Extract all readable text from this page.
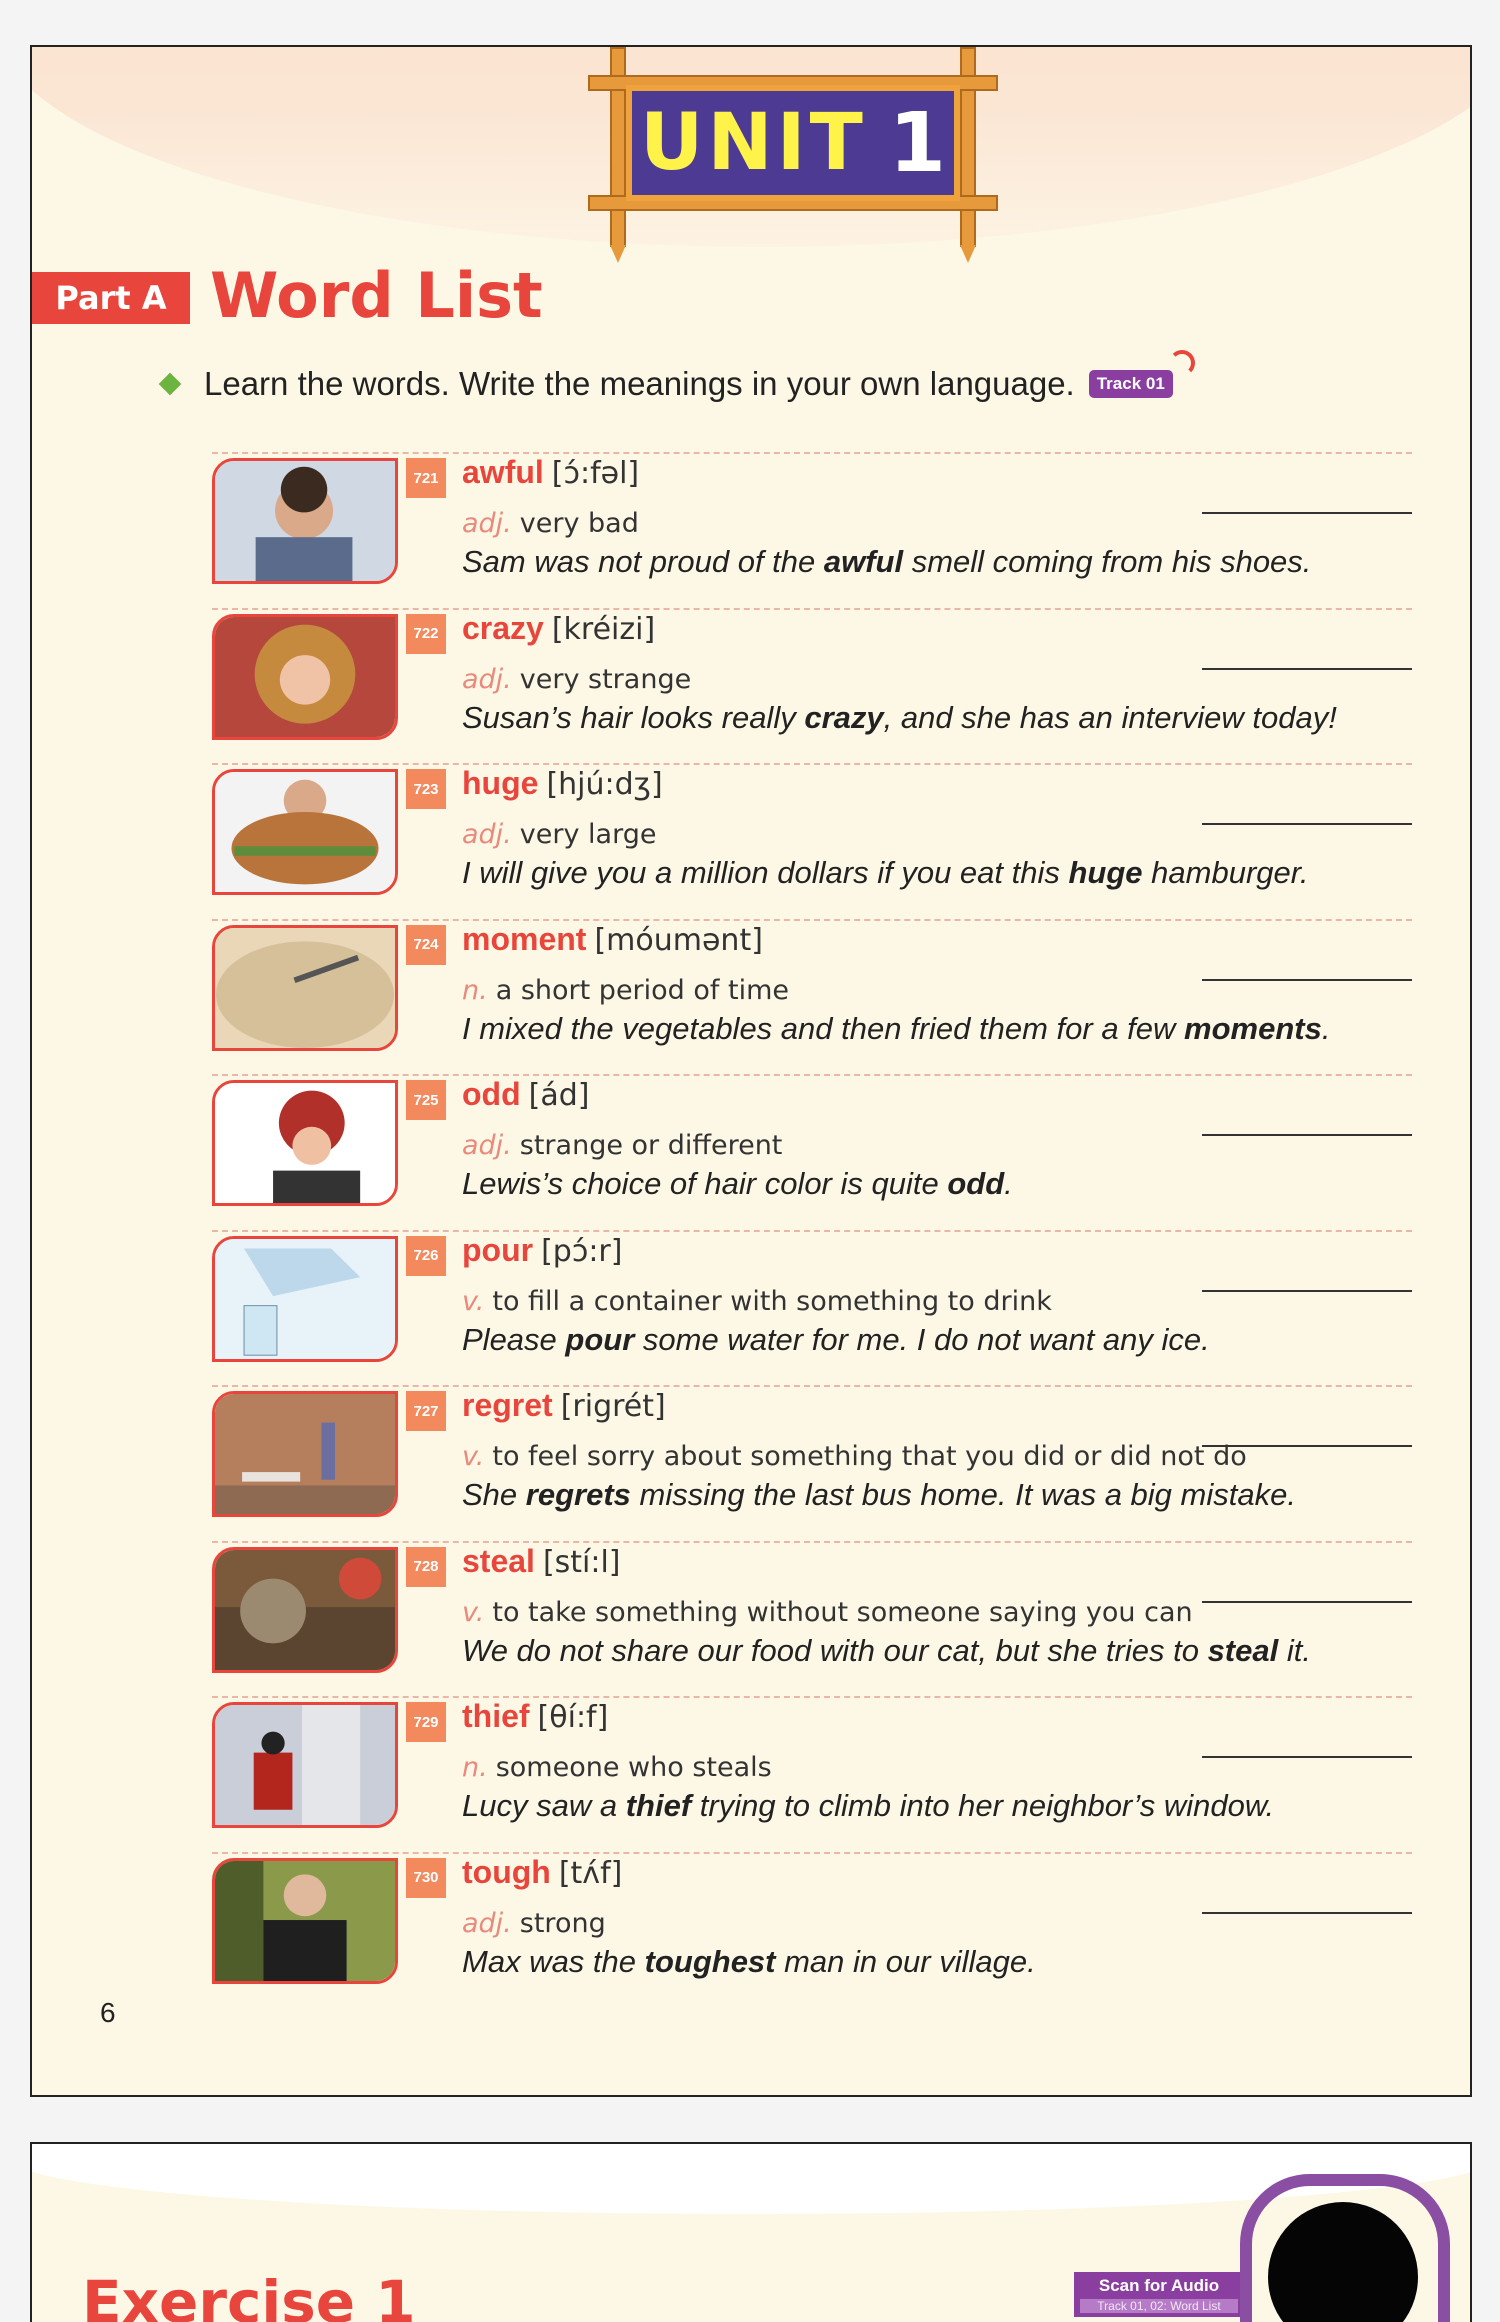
UNIT 1
Part A Word List
Learn the words. Write the meanings in your own language.	Track 01
721 awful [ɔ́:fəl]
adj. very bad
Sam was not proud of the awful smell coming from his shoes.
722 crazy [kréizi]
adj. very strange
Susan’s hair looks really crazy, and she has an interview today!
723 huge [hjú:dʒ]
adj. very large
I will give you a million dollars if you eat this huge hamburger.
724 moment [móumənt]
n. a short period of time
I mixed the vegetables and then fried them for a few moments.
725 odd [ád]
adj. strange or different
Lewis’s choice of hair color is quite odd.
726 pour [pɔ́:r]
v. to fill a container with something to drink
Please pour some water for me. I do not want any ice.
727 regret [rigrét]
v. to feel sorry about something that you did or did not do
She regrets missing the last bus home. It was a big mistake.
728 steal [stí:l]
v. to take something without someone saying you can
We do not share our food with our cat, but she tries to steal it.
729 thief [θí:f]
n. someone who steals
Lucy saw a thief trying to climb into her neighbor’s window.
730 tough [tʌ́f]
adj. strong
Max was the toughest man in our village.
6
Exercise 1	Scan for Audio
Track 01, 02: Word List
